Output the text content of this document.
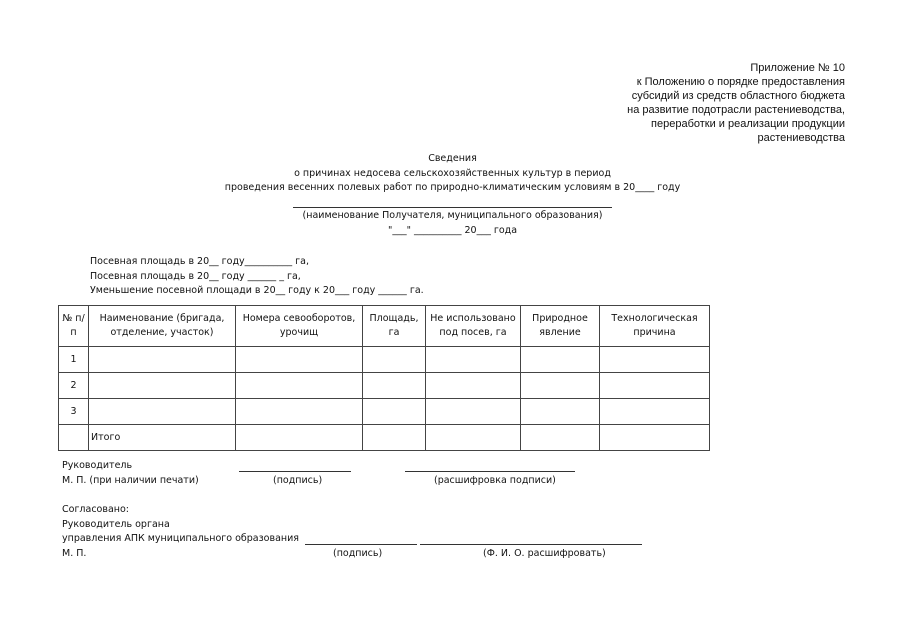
Приложение № 10
к Положению о порядке предоставления
субсидий из средств областного бюджета
на развитие подотрасли растениеводства,
переработки и реализации продукции
растениеводства
Сведения
о причинах недосева сельскохозяйственных культур в период
проведения весенних полевых работ по природно-климатическим условиям в 20____ году
(наименование Получателя, муниципального образования)
"___" __________ 20___ года
Посевная площадь в 20__ году__________ га,
Посевная площадь в 20__ году ______ _ га,
Уменьшение посевной площади в 20__ году к 20___ году ______ га.
№ п/п	Наименование (бригада, отделение, участок)	Номера севооборотов, урочищ	Площадь, га	Не использовано под посев, га	Природное явление	Технологическая причина
1						
2						
3						
	Итого					
Руководитель
М. П. (при наличии печати)	(подпись)	(расшифровка подписи)
Согласовано:
Руководитель органа
управления АПК муниципального образования
М. П.	(подпись)	(Ф. И. О. расшифровать)
